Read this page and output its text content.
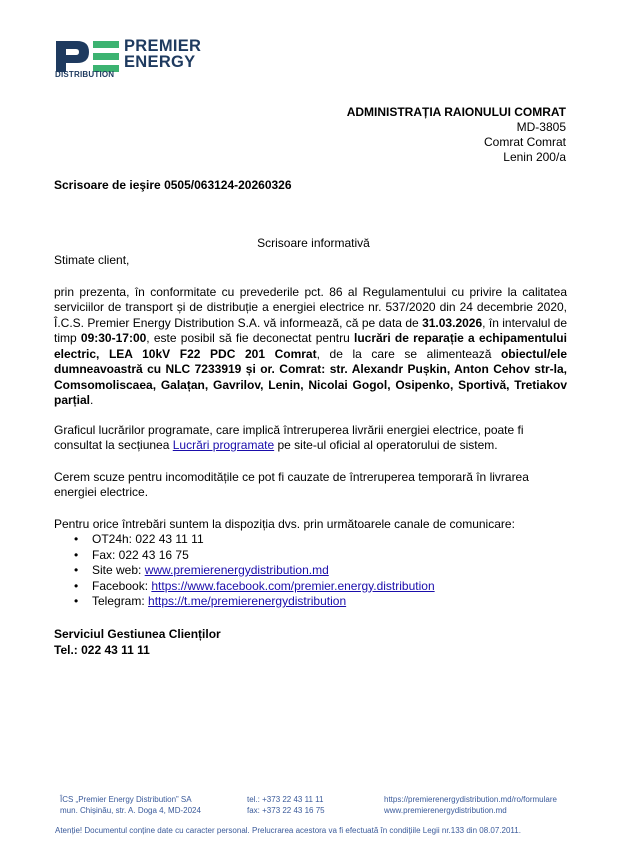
PREMIER
ENERGY
DISTRIBUTION
ADMINISTRAȚIA RAIONULUI COMRAT
MD-3805
Comrat Comrat
Lenin 200/a
Scrisoare de ieşire 0505/063124-20260326
Scrisoare informativă

Stimate client,

prin prezenta, în conformitate cu prevederile pct. 86 al Regulamentului cu privire la calitatea serviciilor de transport și de distribuție a energiei electrice nr. 537/2020 din 24 decembrie 2020, Î.C.S. Premier Energy Distribution S.A. vă informează, că pe data de 31.03.2026, în intervalul de timp 09:30-17:00, este posibil să fie deconectat pentru lucrări de reparație a echipamentului electric, LEA 10kV F22 PDC 201 Comrat, de la care se alimentează obiectul/ele dumneavoastră cu NLC 7233919 și or. Comrat: str. Alexandr Pușkin, Anton Cehov str-la, Comsomoliscaea, Galațan, Gavrilov, Lenin, Nicolai Gogol, Osipenko, Sportivă, Tretiakov parțial.

Graficul lucrărilor programate, care implică întreruperea livrării energiei electrice, poate fi consultat la secțiunea Lucrări programate pe site-ul oficial al operatorului de sistem.

Cerem scuze pentru incomoditățile ce pot fi cauzate de întreruperea temporară în livrarea energiei electrice.

Pentru orice întrebări suntem la dispoziția dvs. prin următoarele canale de comunicare:

• OT24h: 022 43 11 11
• Fax: 022 43 16 75
• Site web: www.premierenergydistribution.md
• Facebook: https://www.facebook.com/premier.energy.distribution
• Telegram: https://t.me/premierenergydistribution
Serviciul Gestiunea Clienților
Tel.: 022 43 11 11
ÎCS „Premier Energy Distribution” SA
mun. Chișinău, str. A. Doga 4, MD-2024
tel.: +373 22 43 11 11
fax: +373 22 43 16 75
https://premierenergydistribution.md/ro/formulare
www.premierenergydistribution.md
Atenție! Documentul conține date cu caracter personal. Prelucrarea acestora va fi efectuată în condițiile Legii nr.133 din 08.07.2011.
